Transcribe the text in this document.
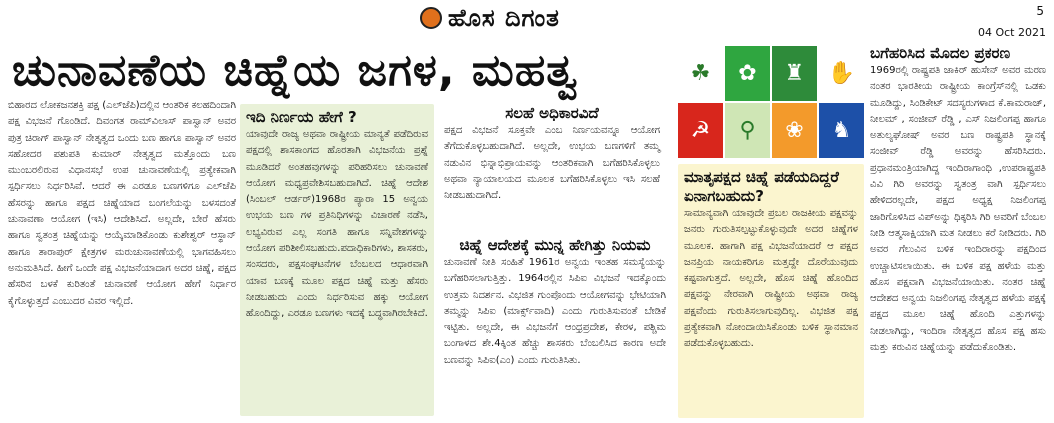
ಹೊಸ ದಿಗಂತ	5
04 Oct 2021
ಚುನಾವಣೆಯ ಚಿಹ್ನೆಯ ಜಗಳ, ಮಹತ್ವ	☘	✿	♜	✋
☭	⚲	❀	♞

ಬಿಹಾರದ ಲೋಕಜನಶಕ್ತಿ ಪಕ್ಷ (ಎಲ್‌ಜೆಪಿ)ದಲ್ಲಿನ ಆಂತರಿಕ ಕಲಹದಿಂದಾಗಿ ಪಕ್ಷ ವಿಭಜನೆ ಗೊಂಡಿದೆ. ದಿವಂಗತ ರಾಮ್‌ವಿಲಾಸ್ ಪಾಸ್ವಾನ್ ಅವರ ಪುತ್ರ ಚಿರಾಗ್ ಪಾಸ್ವಾನ್ ನೇತೃತ್ವದ ಒಂದು ಬಣ ಹಾಗೂ ಪಾಸ್ವಾನ್ ಅವರ ಸಹೋದರ ಪಶುಪತಿ ಕುಮಾರ್ ನೇತೃತ್ವದ ಮತ್ತೊಂದು ಬಣ ಮುಂಬರಲಿರುವ ವಿಧಾನಸಭೆ ಉಪ ಚುನಾವಣೆಯಲ್ಲಿ ಪ್ರತ್ಯೇಕವಾಗಿ ಸ್ಪರ್ಧಿಸಲು ನಿರ್ಧರಿಸಿವೆ. ಆದರೆ ಈ ಎರಡೂ ಬಣಗಳಿಗೂ ಎಲ್‌ಜೆಪಿ ಹೆಸರನ್ನು ಹಾಗೂ ಪಕ್ಷದ ಚಿಹ್ನೆಯಾದ ಬಂಗಲೆಯನ್ನು ಬಳಸದಂತೆ ಚುನಾವಣಾ ಆಯೋಗ (ಇಸಿ) ಆದೇಶಿಸಿದೆ. ಅಲ್ಲದೇ, ಬೇರೆ ಹೆಸರು ಹಾಗೂ ಸ್ವತಂತ್ರ ಚಿಹ್ನೆಯನ್ನು ಆಯ್ಕೆಮಾಡಿಕೊಂಡು ಕುಶೇಶ್ವರ್ ಆಸ್ಥಾನ್ ಹಾಗೂ ತಾರಾಪುರ್ ಕ್ಷೇತ್ರಗಳ ಮರುಚುನಾವಣೆಯಲ್ಲಿ ಭಾಗವಹಿಸಲು ಅನುಮತಿಸಿದೆ. ಹೀಗೆ ಒಂದೇ ಪಕ್ಷ ವಿಭಜನೆಯಾದಾಗ ಅದರ ಚಿಹ್ನೆ, ಪಕ್ಷದ ಹೆಸರಿನ ಬಳಕೆ ಕುರಿತಂತೆ ಚುನಾವಣೆ ಆಯೋಗ ಹೇಗೆ ನಿರ್ಧಾರ ಕೈಗೊಳ್ಳುತ್ತದೆ ಎಂಬುದರ ವಿವರ ಇಲ್ಲಿದೆ.

ಇದಿ ನಿರ್ಣಯ ಹೇಗೆ ?

ಯಾವುದೇ ರಾಜ್ಯ ಅಥವಾ ರಾಷ್ಟ್ರೀಯ ಮಾನ್ಯತೆ ಪಡೆದಿರುವ ಪಕ್ಷದಲ್ಲಿ ಶಾಸಕಾಂಗದ ಹೊರತಾಗಿ ವಿಭಜನೆಯ ಪ್ರಶ್ನೆ ಮೂಡಿದರೆ ಅಂತಹವುಗಳನ್ನು ಪರಿಹರಿಸಲು ಚುನಾವಣೆ ಆಯೋಗ ಮಧ್ಯಪ್ರವೇಶಿಸಬಹುದಾಗಿದೆ. ಚಿಹ್ನೆ ಆದೇಶ (ಸಿಂಬಲ್ ಆರ್ಡರ್)1968ರ ಪ್ಯಾರಾ 15 ಅನ್ವಯ ಉಭಯ ಬಣ ಗಳ ಪ್ರತಿನಿಧಿಗಳನ್ನು ವಿಚಾರಣೆ ನಡೆಸಿ, ಲಭ್ಯವಿರುವ ಎಲ್ಲ ಸಂಗತಿ ಹಾಗೂ ಸನ್ನಿವೇಶಗಳನ್ನು ಆಯೋಗ ಪರಿಶೀಲಿಸಬಹುದು.ಪದಾಧಿಕಾರಿಗಳು, ಶಾಸಕರು, ಸಂಸದರು, ಪಕ್ಷಸಂಘಟನೆಗಳ ಬೆಂಬಲದ ಆಧಾರವಾಗಿ ಯಾವ ಬಣಕ್ಕೆ ಮೂಲ ಪಕ್ಷದ ಚಿಹ್ನೆ ಮತ್ತು ಹೆಸರು ನೀಡಬಹುದು ಎಂದು ನಿರ್ಧರಿಸುವ ಹಕ್ಕು ಆಯೋಗ ಹೊಂದಿದ್ದು, ಎರಡೂ ಬಣಗಳು ಇದಕ್ಕೆ ಬದ್ಧವಾಗಿರಬೇಕಿದೆ.

ಸಲಹೆ ಅಧಿಕಾರವಿದೆ

ಪಕ್ಷದ ವಿಭಜನೆ ಸೂಕ್ತವೇ ಎಂಬ ನಿರ್ಣಯವನ್ನೂ ಆಯೋಗ ತೆಗೆದುಕೊಳ್ಳಬಹುದಾಗಿದೆ. ಅಲ್ಲದೇ, ಉಭಯ ಬಣಗಳಿಗೆ ತಮ್ಮ ನಡುವಿನ ಭಿನ್ನಾಭಿಪ್ರಾಯವನ್ನು ಆಂತರಿಕವಾಗಿ ಬಗೆಹರಿಸಿಕೊಳ್ಳಲು ಅಥವಾ ನ್ಯಾಯಾಲಯದ ಮೂಲಕ ಬಗೆಹರಿಸಿಕೊಳ್ಳಲು ಇಸಿ ಸಲಹೆ ನೀಡಬಹುದಾಗಿದೆ.

ಚಿಹ್ನೆ ಆದೇಶಕ್ಕೆ ಮುನ್ನ ಹೇಗಿತ್ತು ನಿಯಮ

ಚುನಾವಣೆ ನೀತಿ ಸಂಹಿತೆ 1961ರ ಅನ್ವಯ ಇಂತಹ ಸಮಸ್ಯೆಯನ್ನು ಬಗೆಹರಿಸಲಾಗುತ್ತಿತ್ತು. 1964ರಲ್ಲಿನ ಸಿಪಿಐ ವಿಭಜನೆ ಇದಕ್ಕೊಂದು ಉತ್ತಮ ನಿದರ್ಶನ. ವಿಭಜಿತ ಗುಂಪೊಂದು ಆಯೋಗವನ್ನು ಭೇಟಿಯಾಗಿ ತಮ್ಮನ್ನು ಸಿಪಿಐ (ಮಾರ್ಕ್ಸ್‌ವಾದಿ) ಎಂದು ಗುರುತಿಸುವಂತೆ ಬೇಡಿಕೆ ಇಟ್ಟಿತು. ಅಲ್ಲದೇ, ಈ ವಿಭಜನೆಗೆ ಆಂಧ್ರಪ್ರದೇಶ, ಕೇರಳ, ಪಶ್ಚಿಮ ಬಂಗಾಳದ ಶೇ.4ಕ್ಕಿಂತ ಹೆಚ್ಚು ಶಾಸಕರು ಬೆಂಬಲಿಸಿದ ಕಾರಣ ಅದೇ ಬಣವನ್ನು ಸಿಪಿಐ(ಎಂ) ಎಂದು ಗುರುತಿಸಿತು.

ಮಾತೃಪಕ್ಷದ ಚಿಹ್ನೆ ಪಡೆಯದಿದ್ದರೆ ಏನಾಗಬಹುದು?

ಸಾಮಾನ್ಯವಾಗಿ ಯಾವುದೇ ಪ್ರಬಲ ರಾಜಕೀಯ ಪಕ್ಷವನ್ನು ಜನರು ಗುರುತಿಸಲ್ಪಟ್ಟುಕೊಳ್ಳುವುದೇ ಅದರ ಚಿಹ್ನೆಗಳ ಮೂಲಕ. ಹಾಗಾಗಿ ಪಕ್ಷ ವಿಭಜನೆಯಾದರೆ ಆ ಪಕ್ಷದ ಜನಪ್ರಿಯ ನಾಯಕರಿಗೂ ಮತ್ತದ್ದೇ ದೊರೆಯುವುದು ಕಷ್ಟವಾಗುತ್ತದೆ. ಅಲ್ಲದೇ, ಹೊಸ ಚಿಹ್ನೆ ಹೊಂದಿದ ಪಕ್ಷವನ್ನು ನೇರವಾಗಿ ರಾಷ್ಟ್ರೀಯ ಅಥವಾ ರಾಜ್ಯ ಪಕ್ಷವೆಂದು ಗುರುತಿಸಲಾಗುವುದಿಲ್ಲ. ವಿಭಜಿತ ಪಕ್ಷ ಪ್ರತ್ಯೇಕವಾಗಿ ನೋಂದಾಯಿಸಿಕೊಂಡು ಬಳಿಕ ಸ್ಥಾನಮಾನ ಪಡೆದುಕೊಳ್ಳಬಹುದು.

ಬಗೆಹರಿಸಿದ ಮೊದಲ ಪ್ರಕರಣ

1969ರಲ್ಲಿ ರಾಷ್ಟ್ರಪತಿ ಜಾಕಿರ್ ಹುಸೇನ್ ಅವರ ಮರಣ ನಂತರ ಭಾರತೀಯ ರಾಷ್ಟ್ರೀಯ ಕಾಂಗ್ರೆಸ್‌ನಲ್ಲಿ ಒಡಕು ಮೂಡಿದ್ದು, ಸಿಂಡಿಕೇಟ್ ಸದಸ್ಯರುಗಳಾದ ಕೆ.ಕಾಮರಾಜ್, ನೀಲಮ್ , ಸಂಜೀವ್ ರೆಡ್ಡಿ , ಎಸ್ ನಿಜಲಿಂಗಪ್ಪ ಹಾಗೂ ಅತುಲ್ಯಘೋಷ್ ಅವರ ಬಣ ರಾಷ್ಟ್ರಪತಿ ಸ್ಥಾನಕ್ಕೆ ಸಂಜೀವ್ ರೆಡ್ಡಿ ಅವರನ್ನು ಹೆಸರಿಸಿದರು. ಪ್ರಧಾನಮಂತ್ರಿಯಾಗಿದ್ದ ಇಂದಿರಾಗಾಂಧಿ ,ಉಪರಾಷ್ಟ್ರಪತಿ ವಿವಿ ಗಿರಿ ಅವರನ್ನು ಸ್ವತಂತ್ರ ವಾಗಿ ಸ್ಪರ್ಧಿಸಲು ಹೇಳಿದರಲ್ಲದೇ, ಪಕ್ಷದ ಅಧ್ಯಕ್ಷ ನಿಜಲಿಂಗಪ್ಪ ಜಾರಿಗೊಳಿಸಿದ ವಿಪ್‌ಅನ್ನು ಧಿಕ್ಕರಿಸಿ ಗಿರಿ ಅವರಿಗೆ ಬೆಂಬಲ ನೀಡಿ ಆತ್ಮಸಾಕ್ಷಿಯಾಗಿ ಮತ ನೀಡಲು ಕರೆ ನೀಡಿದರು. ಗಿರಿ ಅವರ ಗೆಲುವಿನ ಬಳಿಕ ಇಂದಿರಾರನ್ನು ಪಕ್ಷದಿಂದ ಉಚ್ಚಾಟಿಸಲಾಯಿತು. ಈ ಬಳಿಕ ಪಕ್ಷ ಹಳೆಯ ಮತ್ತು ಹೊಸ ಪಕ್ಷವಾಗಿ ವಿಭಜನೆಯಾಯಿತು. ನಂತರ ಚಿಹ್ನೆ ಆದೇಶದ ಅನ್ವಯ ನಿಜಲಿಂಗಪ್ಪ ನೇತೃತ್ವದ ಹಳೆಯ ಪಕ್ಷಕ್ಕೆ ಪಕ್ಷದ ಮೂಲ ಚಿಹ್ನೆ ಹೊಂದಿ ಎತ್ತುಗಳನ್ನು ನೀಡಲಾಗಿದ್ದು, ಇಂದಿರಾ ನೇತೃತ್ವದ ಹೊಸ ಪಕ್ಷ ಹಸು ಮತ್ತು ಕರುವಿನ ಚಿಹ್ನೆಯನ್ನು ಪಡೆದುಕೊಂಡಿತು.
